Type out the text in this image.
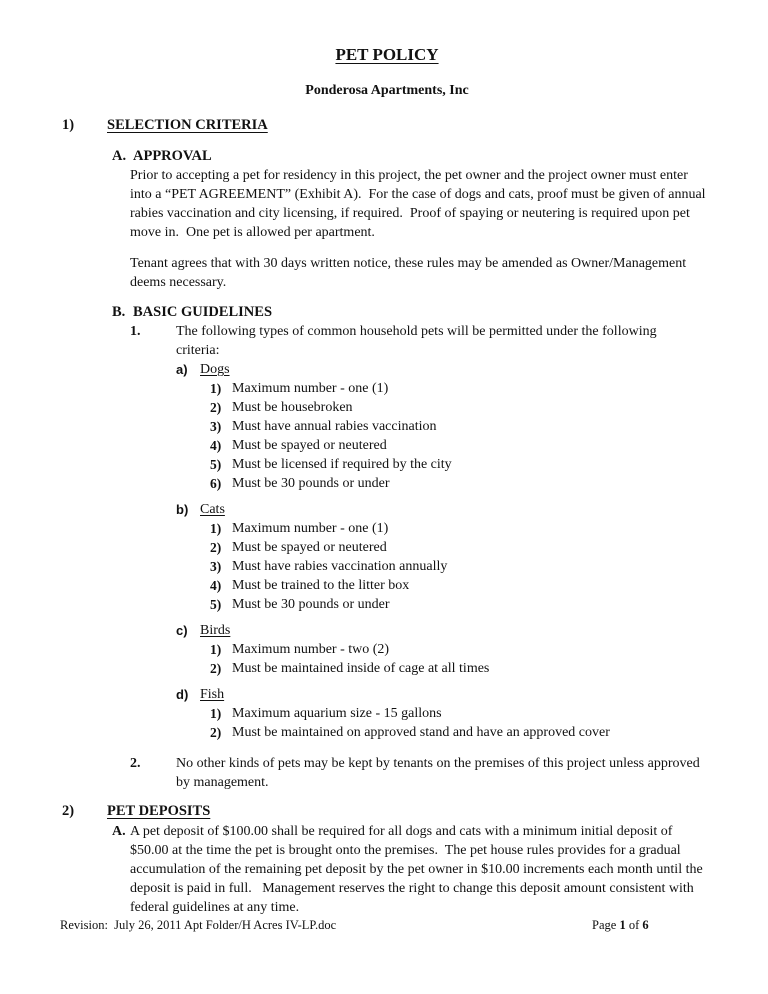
PET POLICY
Ponderosa Apartments, Inc
1)	SELECTION CRITERIA
A. APPROVAL

Prior to accepting a pet for residency in this project, the pet owner and the project owner must enter into a “PET AGREEMENT” (Exhibit A).  For the case of dogs and cats, proof must be given of annual rabies vaccination and city licensing, if required.  Proof of spaying or neutering is required upon pet move in.  One pet is allowed per apartment.

Tenant agrees that with 30 days written notice, these rules may be amended as Owner/Management deems necessary.

B. BASIC GUIDELINES
1.	The following types of common household pets will be permitted under the following criteria:
a) Dogs
1) Maximum number - one (1)
2) Must be housebroken
3) Must have annual rabies vaccination
4) Must be spayed or neutered
5) Must be licensed if required by the city
6) Must be 30 pounds or under
b) Cats
1) Maximum number - one (1)
2) Must be spayed or neutered
3) Must have rabies vaccination annually
4) Must be trained to the litter box
5) Must be 30 pounds or under
c) Birds
1) Maximum number - two (2)
2) Must be maintained inside of cage at all times
d) Fish
1) Maximum aquarium size - 15 gallons
2) Must be maintained on approved stand and have an approved cover
2.	No other kinds of pets may be kept by tenants on the premises of this project unless approved by management.
2)	PET DEPOSITS
A. A pet deposit of $100.00 shall be required for all dogs and cats with a minimum initial deposit of $50.00 at the time the pet is brought onto the premises.  The pet house rules provides for a gradual accumulation of the remaining pet deposit by the pet owner in $10.00 increments each month until the deposit is paid in full.   Management reserves the right to change this deposit amount consistent with federal guidelines at any time.
Revision:  July 26, 2011 Apt Folder/H Acres IV-LP.doc	Page 1 of 6
